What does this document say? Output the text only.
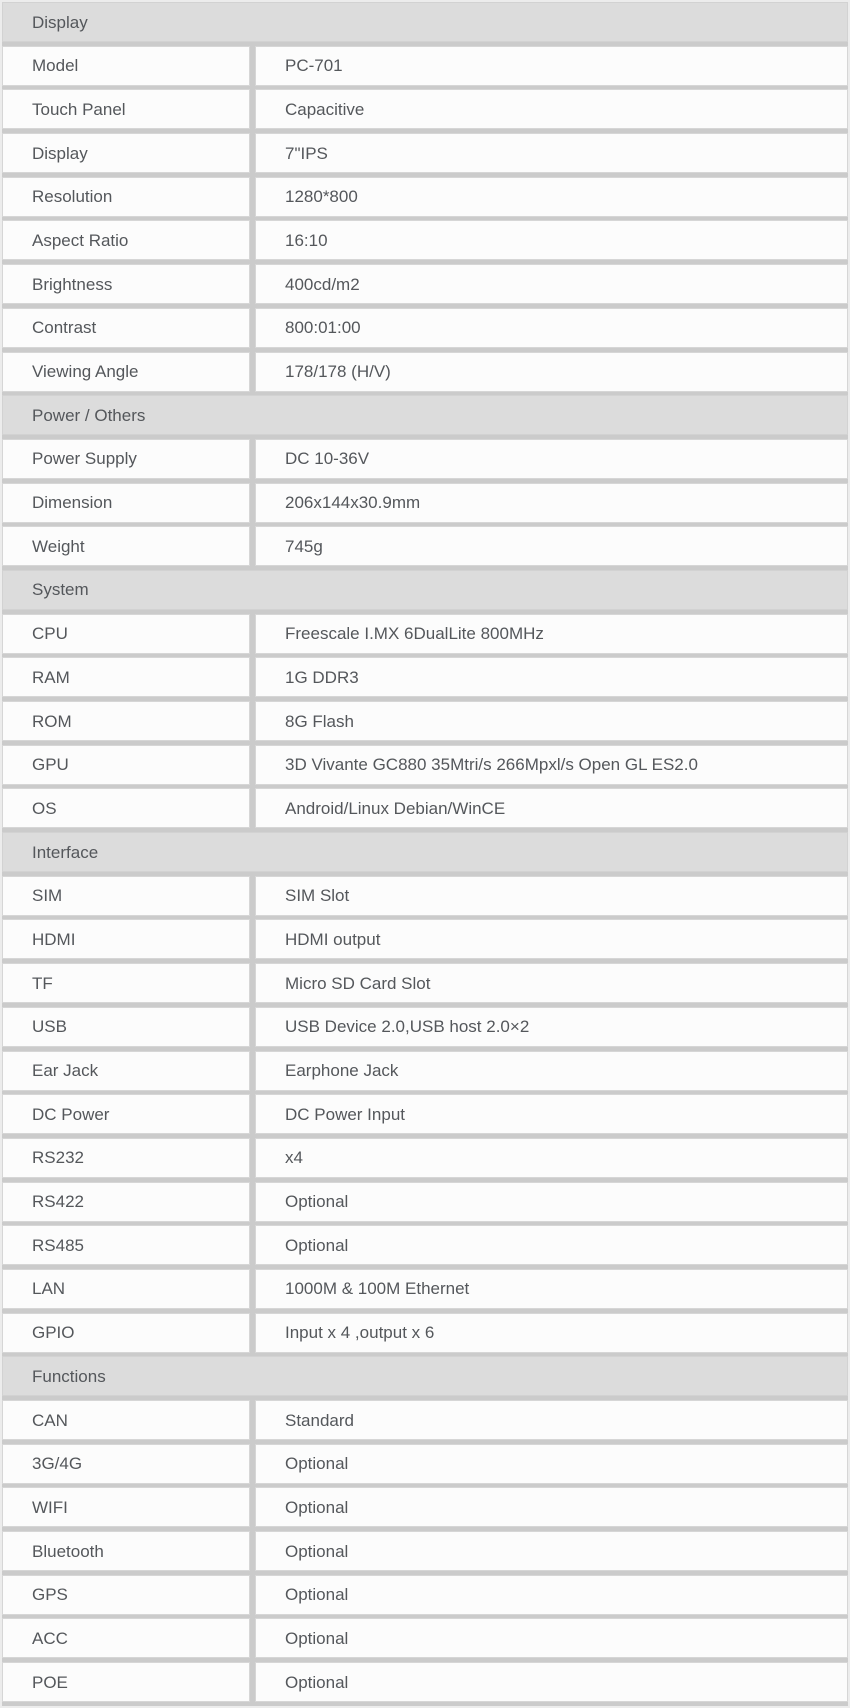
Display
Model	PC-701
Touch Panel	Capacitive
Display	7"IPS
Resolution	1280*800
Aspect Ratio	16:10
Brightness	400cd/m2
Contrast	800:01:00
Viewing Angle	178/178 (H/V)
Power / Others
Power Supply	DC 10-36V
Dimension	206x144x30.9mm
Weight	745g
System
CPU	Freescale I.MX 6DualLite 800MHz
RAM	1G DDR3
ROM	8G Flash
GPU	3D Vivante GC880 35Mtri/s 266Mpxl/s Open GL ES2.0
OS	Android/Linux Debian/WinCE
Interface
SIM	SIM Slot
HDMI	HDMI output
TF	Micro SD Card Slot
USB	USB Device 2.0,USB host 2.0×2
Ear Jack	Earphone Jack
DC Power	DC Power Input
RS232	x4
RS422	Optional
RS485	Optional
LAN	1000M & 100M Ethernet
GPIO	Input x 4 ,output x 6
Functions
CAN	Standard
3G/4G	Optional
WIFI	Optional
Bluetooth	Optional
GPS	Optional
ACC	Optional
POE	Optional
